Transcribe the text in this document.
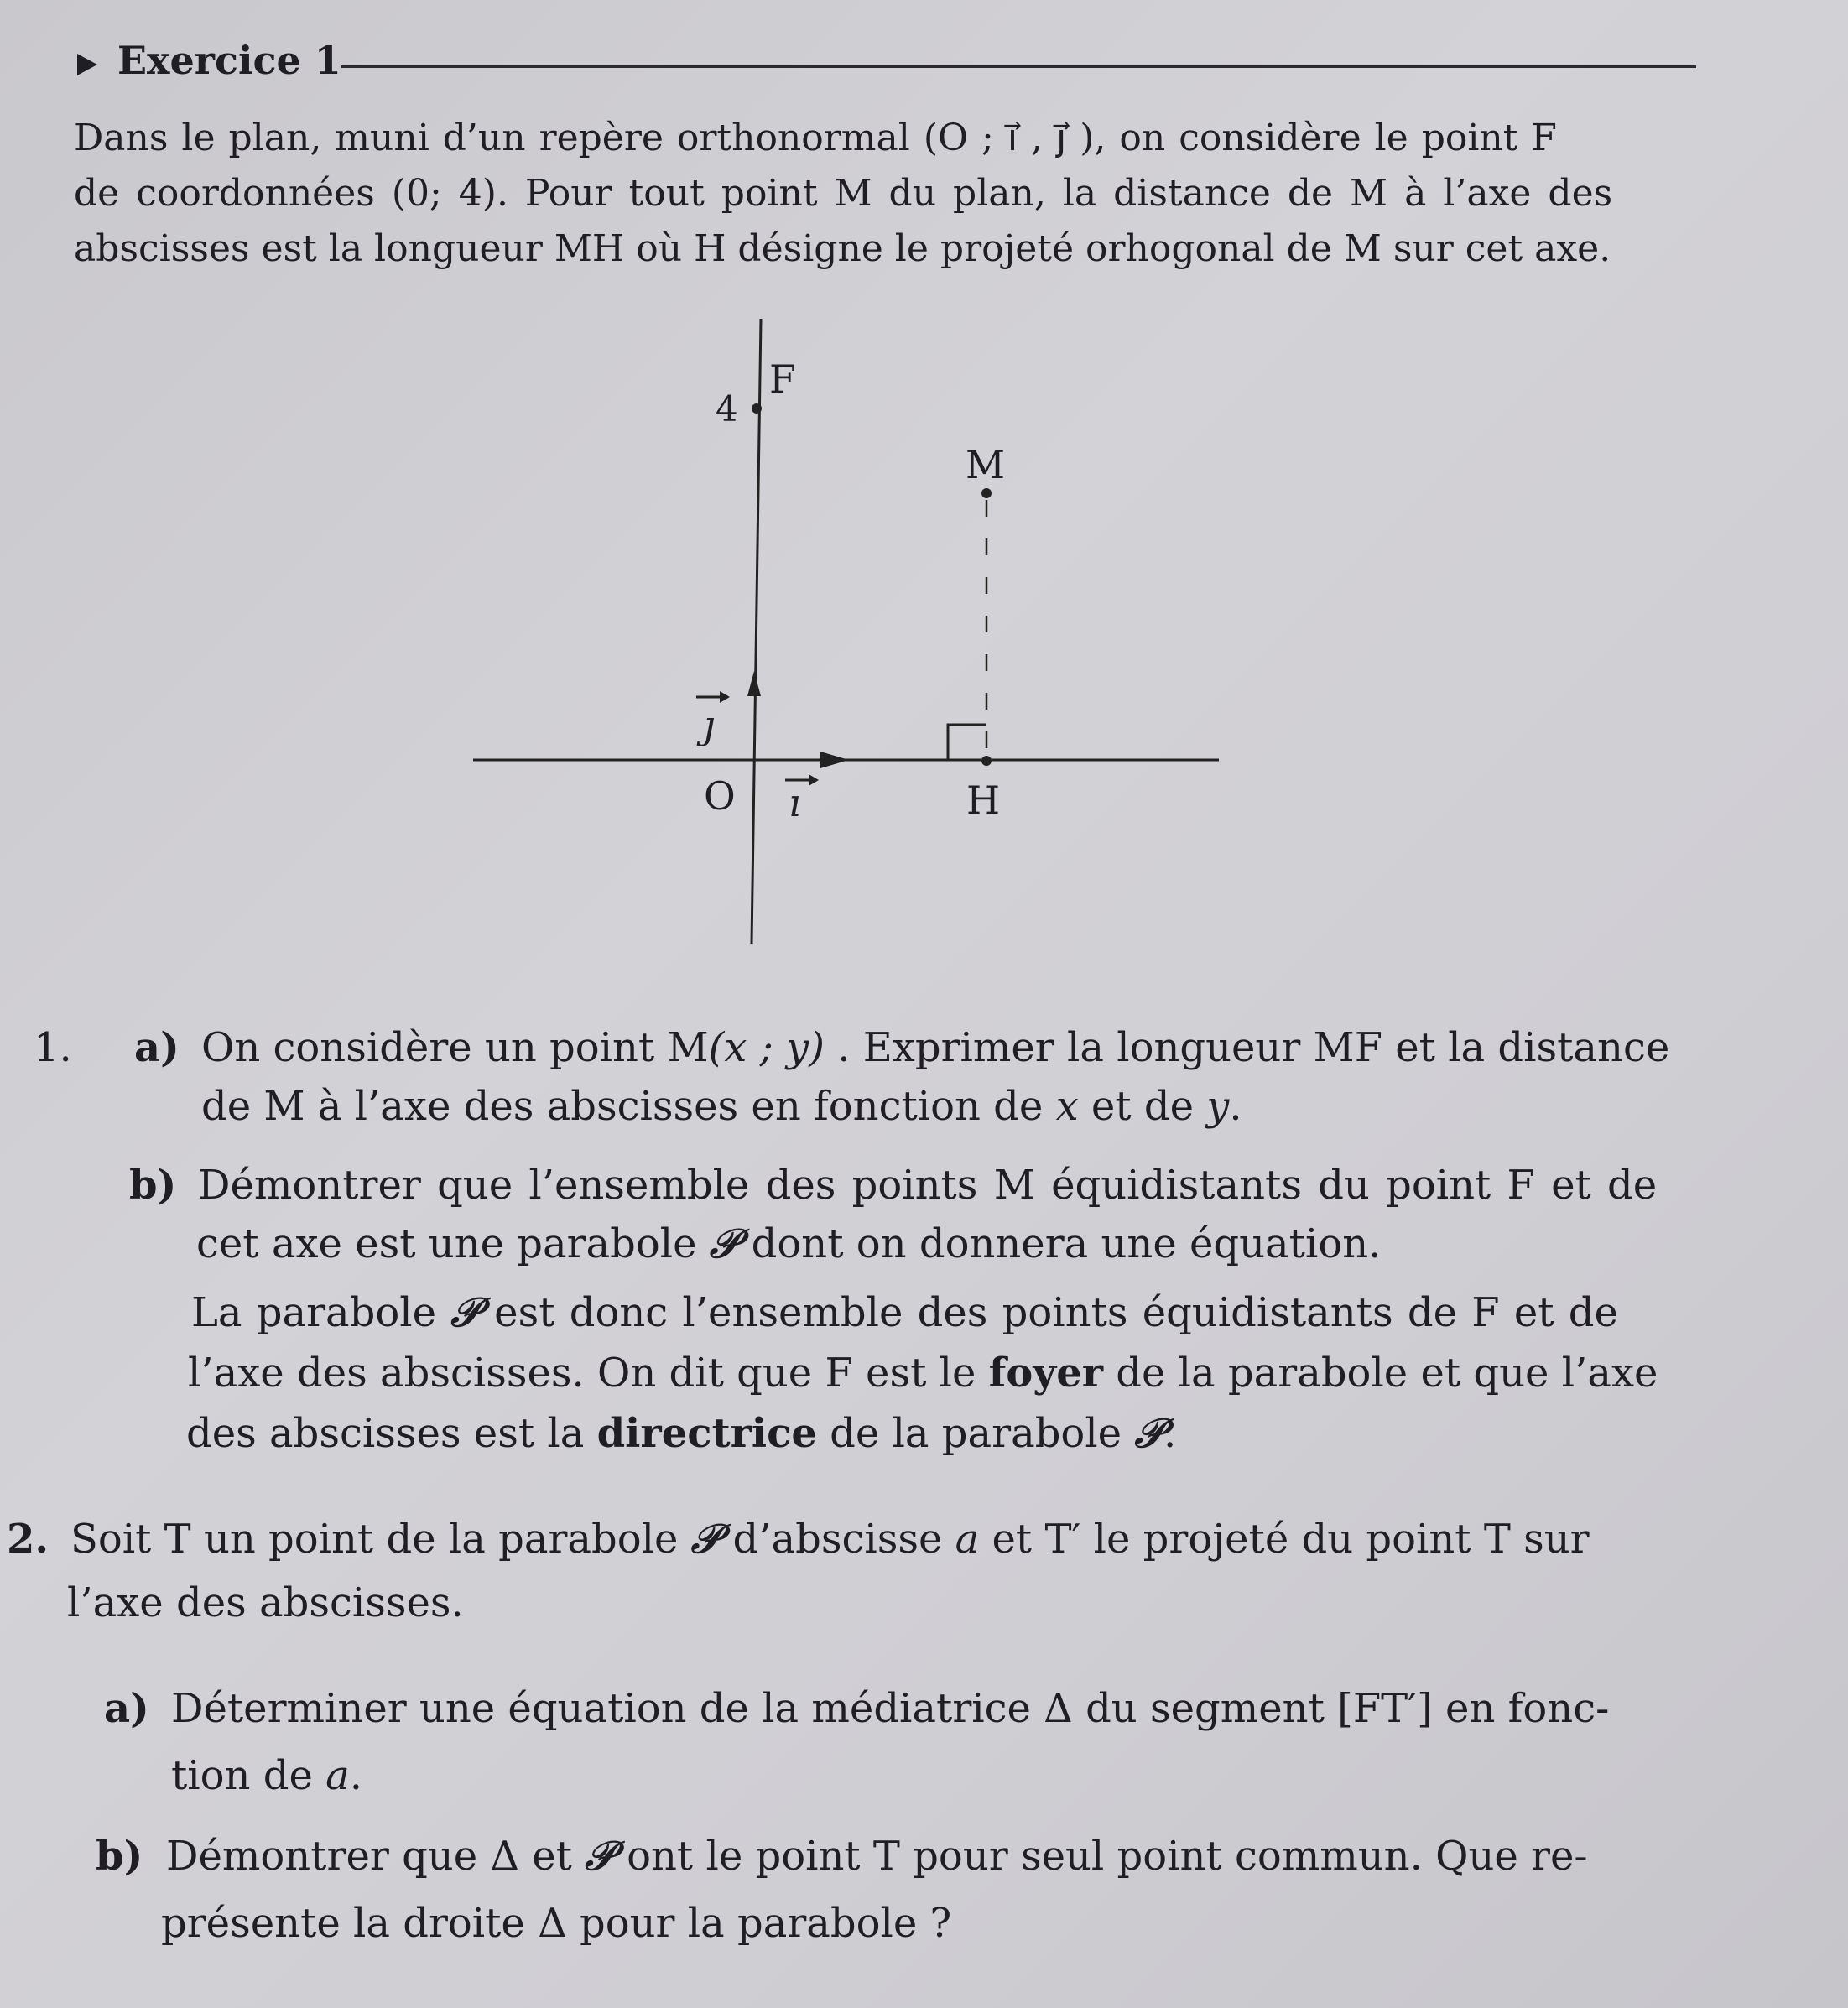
Exercice 1
Dans le plan, muni d’un repère orthonormal (O ; i⃗ , j⃗ ), on considère le point F
de coordonnées (0; 4). Pour tout point M du plan, la distance de M à l’axe des
abscisses est la longueur MH où H désigne le projeté orhogonal de M sur cet axe.
F
4
M
O	H
ı
ȷ
1. a) On considère un point M(x ; y) . Exprimer la longueur MF et la distance
de M à l’axe des abscisses en fonction de x et de y.
b) Démontrer que l’ensemble des points M équidistants du point F et de
cet axe est une parabole 𝒫 dont on donnera une équation.
La parabole 𝒫 est donc l’ensemble des points équidistants de F et de
l’axe des abscisses. On dit que F est le foyer de la parabole et que l’axe
des abscisses est la directrice de la parabole 𝒫.
2. Soit T un point de la parabole 𝒫 d’abscisse a et T′ le projeté du point T sur
l’axe des abscisses.
a) Déterminer une équation de la médiatrice Δ du segment [FT′] en fonc-
tion de a.
b) Démontrer que Δ et 𝒫 ont le point T pour seul point commun. Que re-
présente la droite Δ pour la parabole ?
